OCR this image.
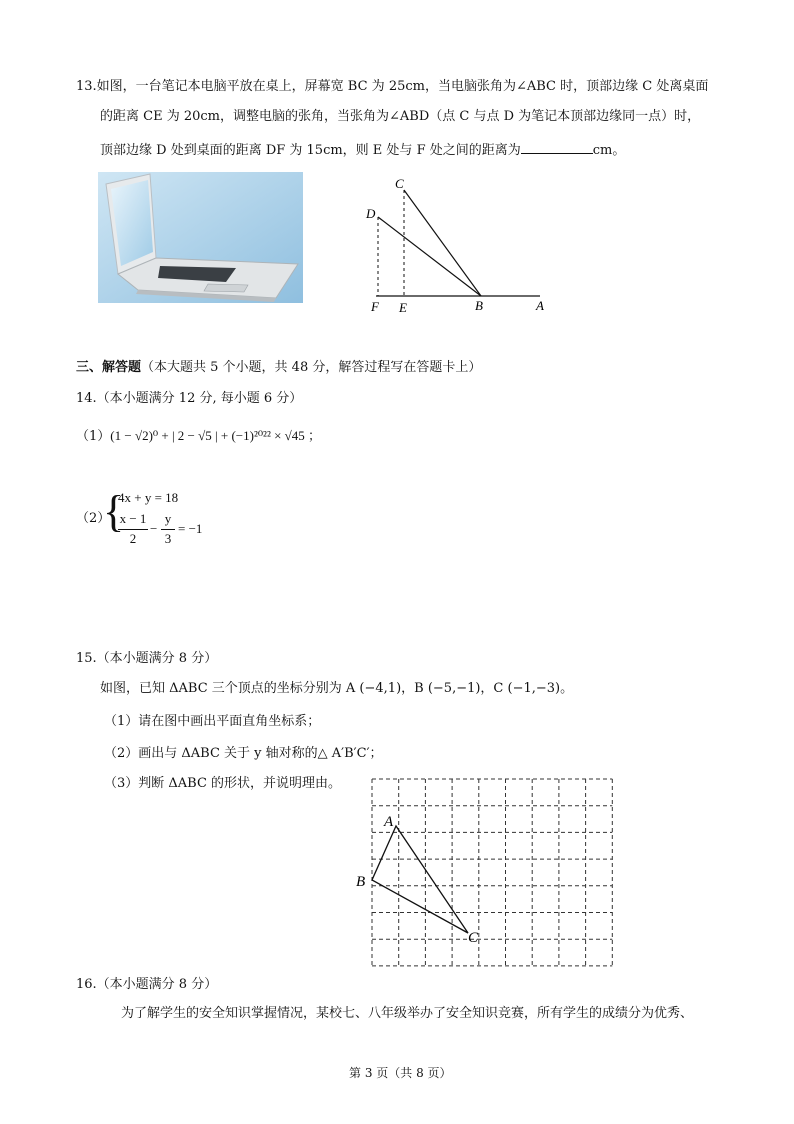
13.如图，一台笔记本电脑平放在桌上，屏幕宽 BC 为 25cm，当电脑张角为∠ABC 时，顶部边缘 C 处离桌面
的距离 CE 为 20cm，调整电脑的张角，当张角为∠ABD（点 C 与点 D 为笔记本顶部边缘同一点）时，
顶部边缘 D 处到桌面的距离 DF 为 15cm，则 E 处与 F 处之间的距离为	cm。
C
D
F E	B	A
三、解答题（本大题共 5 个小题，共 48 分，解答过程写在答题卡上）
14.（本小题满分 12 分, 每小题 6 分）
（1）(1 − √2)⁰ + | 2 − √5 | + (−1)²⁰²² × √45 ；
（2）
{
4x + y = 18
x − 1
2
−
y
3
= −1
15.（本小题满分 8 分）
如图，已知 ΔABC 三个顶点的坐标分别为 A (−4,1)，B (−5,−1)，C (−1,−3)。
（1）请在图中画出平面直角坐标系；
（2）画出与 ΔABC 关于 y 轴对称的△ A′B′C′；
（3）判断 ΔABC 的形状，并说明理由。
A
B
C
16.（本小题满分 8 分）
为了解学生的安全知识掌握情况，某校七、八年级举办了安全知识竞赛，所有学生的成绩分为优秀、
第 3 页（共 8 页）
